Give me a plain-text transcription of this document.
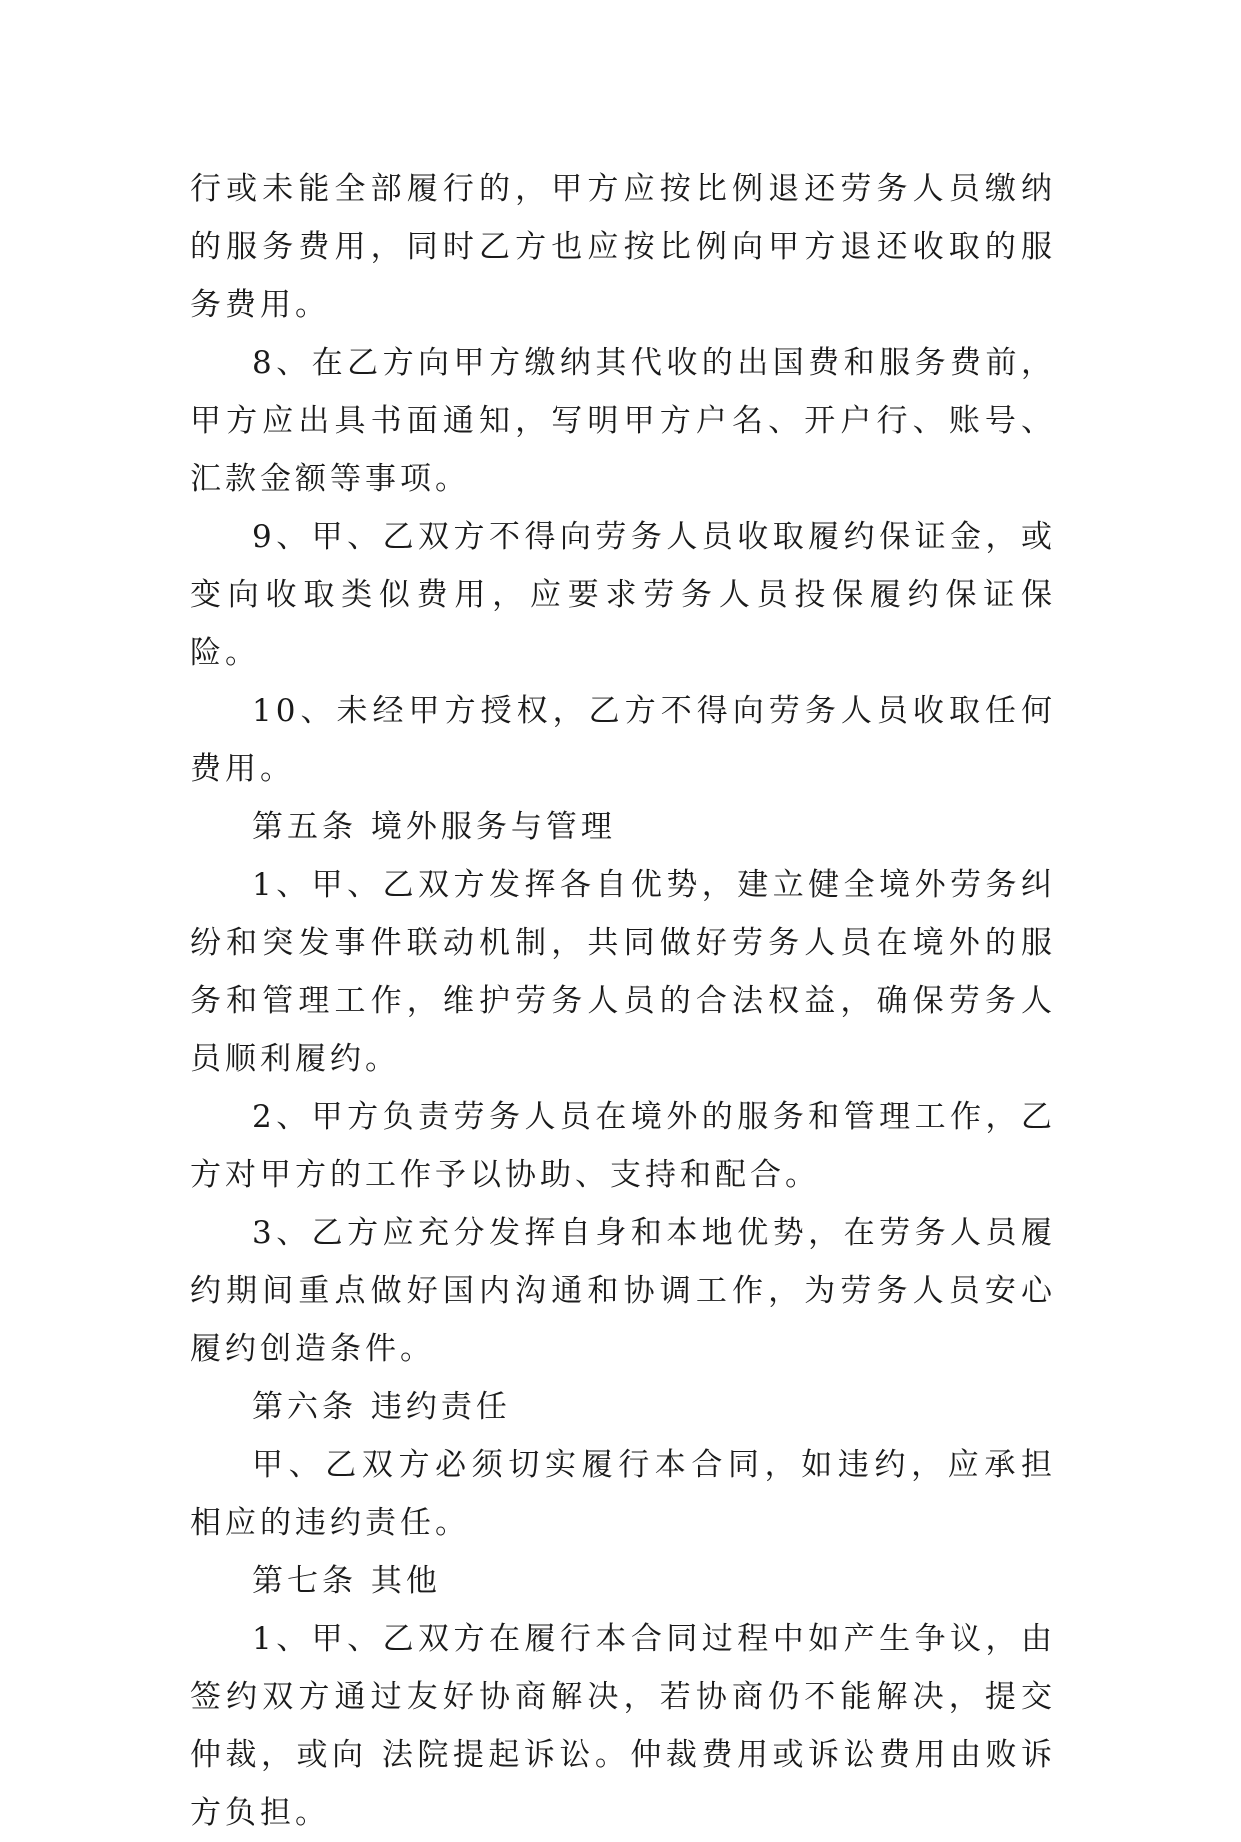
行或未能全部履行的，甲方应按比例退还劳务人员缴纳的服务费用，同时乙方也应按比例向甲方退还收取的服务费用。

8、在乙方向甲方缴纳其代收的出国费和服务费前，甲方应出具书面通知，写明甲方户名、开户行、账号、汇款金额等事项。

9、甲、乙双方不得向劳务人员收取履约保证金，或变向收取类似费用，应要求劳务人员投保履约保证保险。

10、未经甲方授权，乙方不得向劳务人员收取任何费用。

第五条 境外服务与管理

1、甲、乙双方发挥各自优势，建立健全境外劳务纠纷和突发事件联动机制，共同做好劳务人员在境外的服务和管理工作，维护劳务人员的合法权益，确保劳务人员顺利履约。

2、甲方负责劳务人员在境外的服务和管理工作，乙方对甲方的工作予以协助、支持和配合。

3、乙方应充分发挥自身和本地优势，在劳务人员履约期间重点做好国内沟通和协调工作，为劳务人员安心履约创造条件。

第六条 违约责任

甲、乙双方必须切实履行本合同，如违约，应承担相应的违约责任。

第七条 其他

1、甲、乙双方在履行本合同过程中如产生争议，由签约双方通过友好协商解决，若协商仍不能解决，提交 仲裁，或向 法院提起诉讼。仲裁费用或诉讼费用由败诉方负担。
